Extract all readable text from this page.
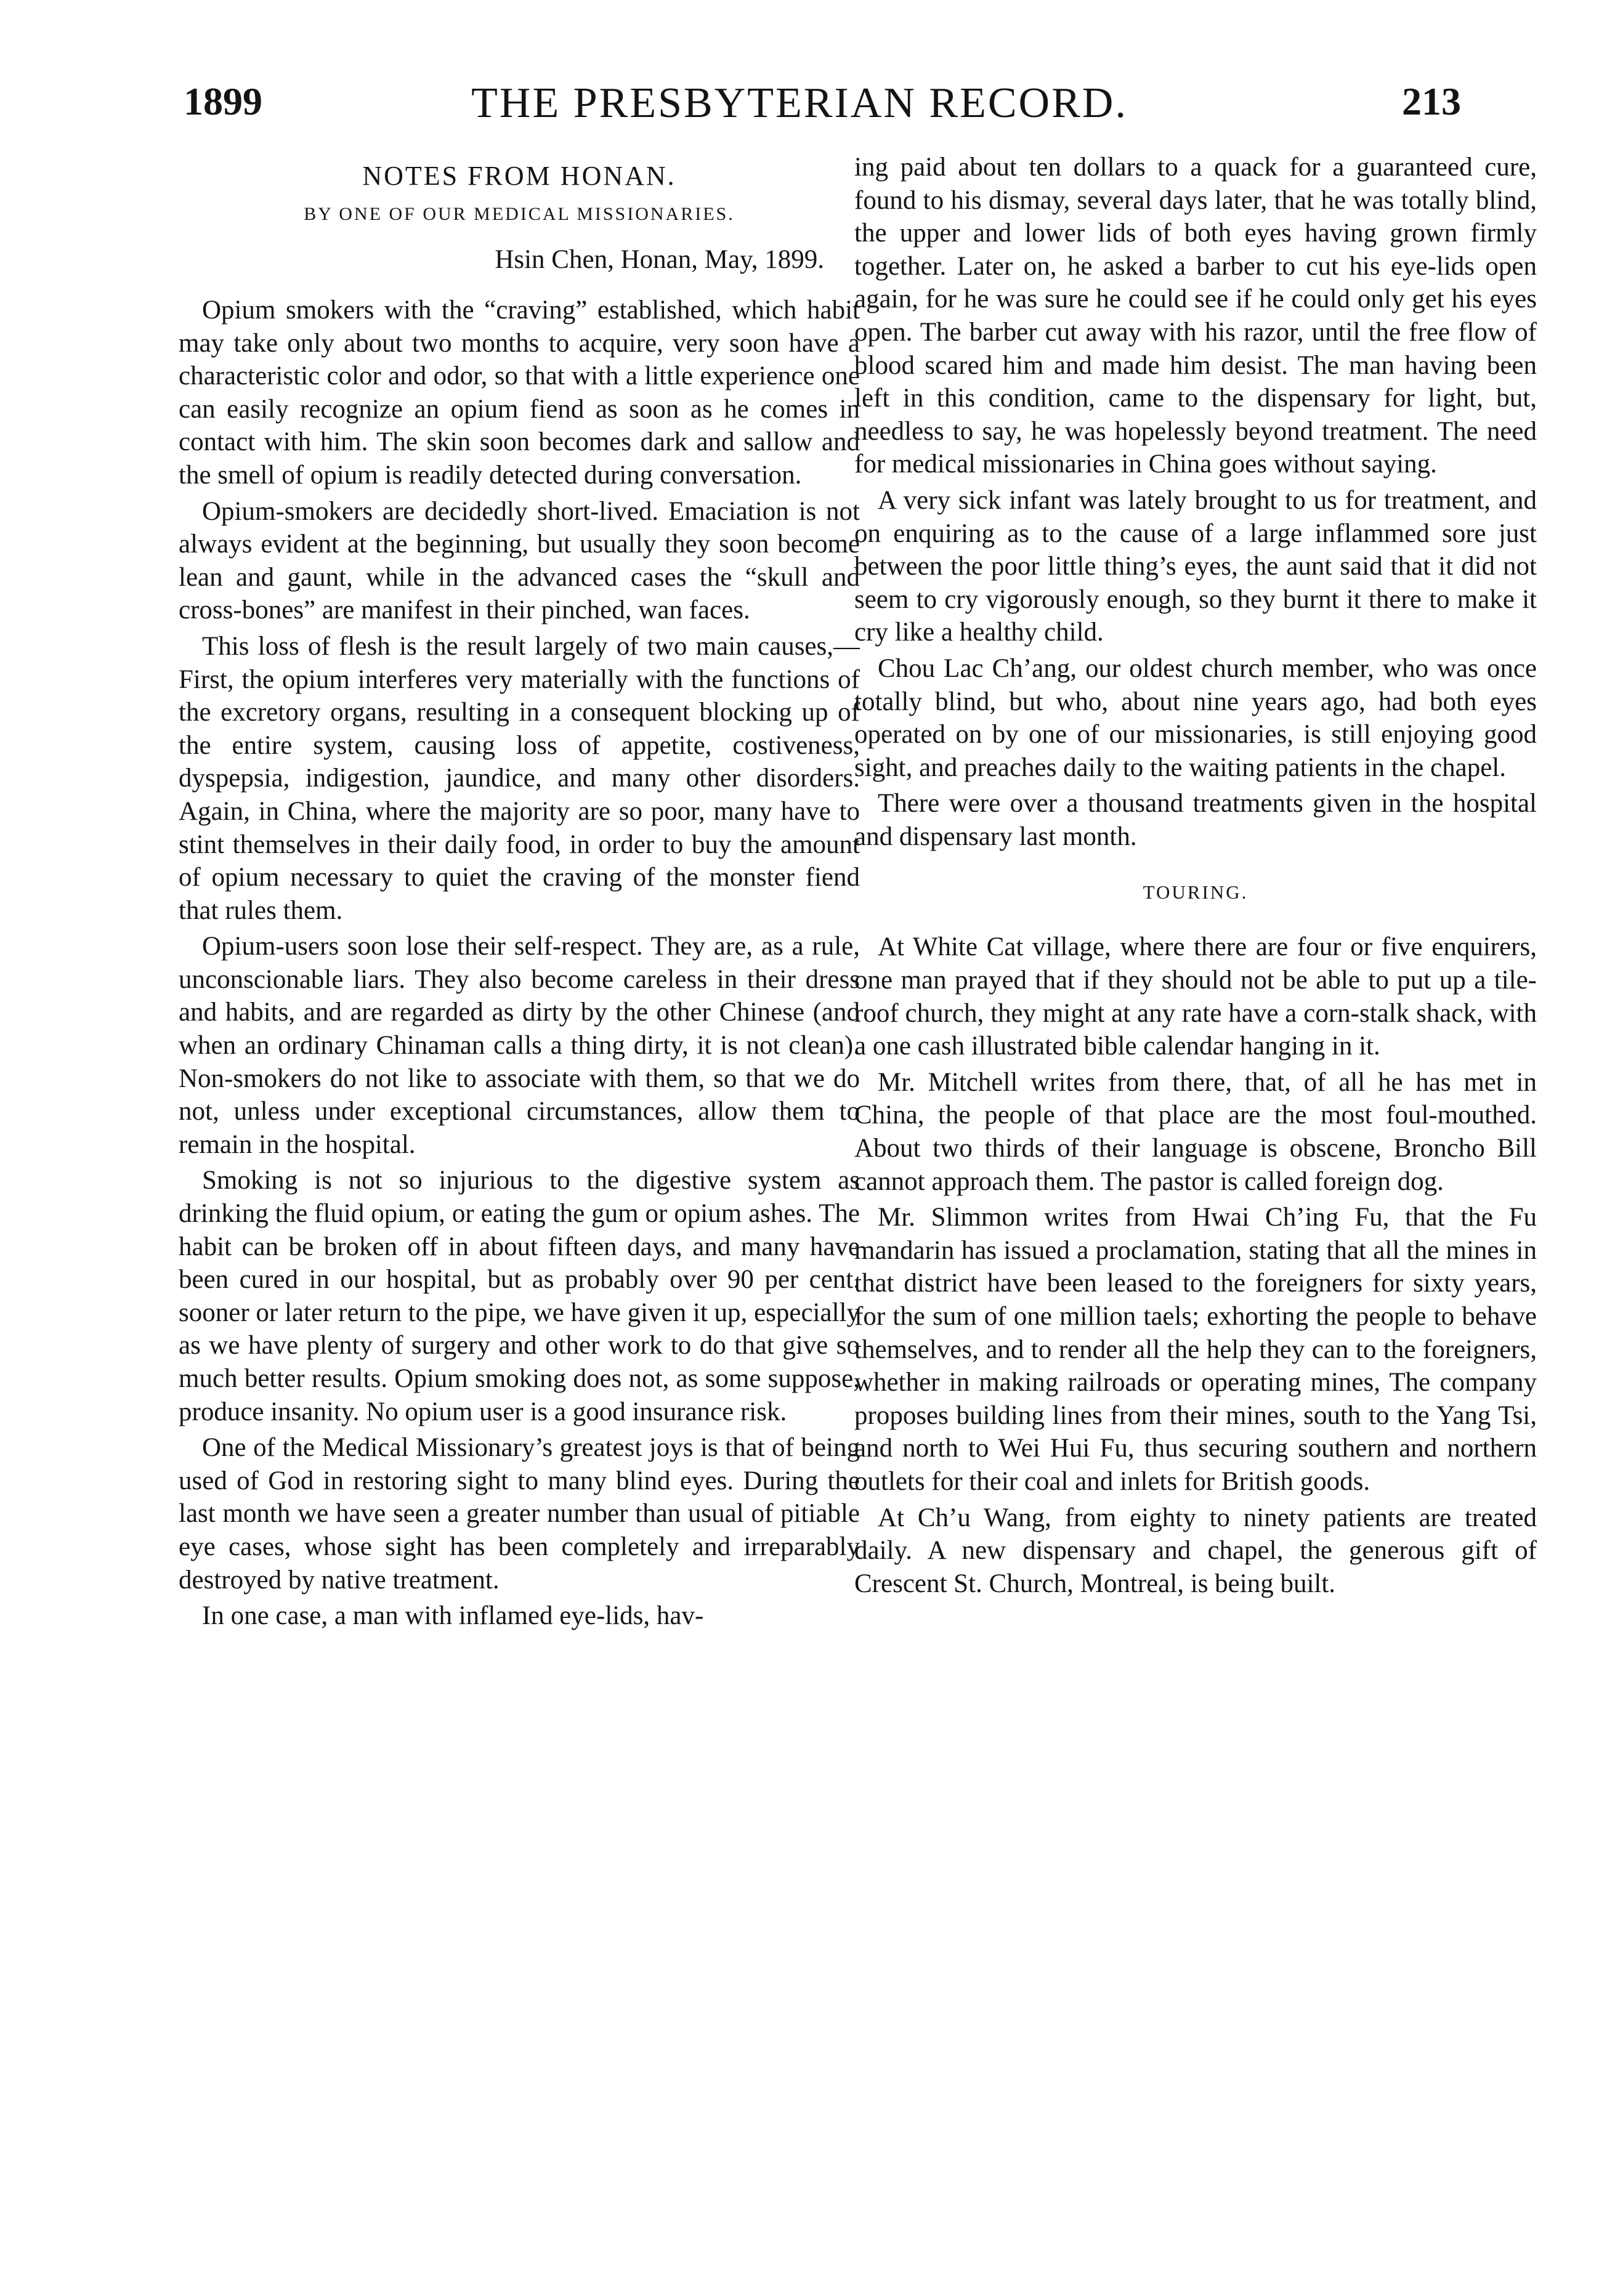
1899	THE PRESBYTERIAN RECORD.	213

NOTES FROM HONAN.

BY ONE OF OUR MEDICAL MISSIONARIES.

Hsin Chen, Honan, May, 1899.

Opium smokers with the “craving” established, which habit may take only about two months to acquire, very soon have a characteristic color and odor, so that with a little experience one can easily recognize an opium fiend as soon as he comes in contact with him. The skin soon becomes dark and sallow and the smell of opium is readily detected during conversation.

Opium-smokers are decidedly short-lived. Emaciation is not always evident at the beginning, but usually they soon become lean and gaunt, while in the advanced cases the “skull and cross-bones” are manifest in their pinched, wan faces.

This loss of flesh is the result largely of two main causes,—First, the opium interferes very materially with the functions of the excretory organs, resulting in a consequent blocking up of the entire system, causing loss of appetite, costiveness, dyspepsia, indigestion, jaundice, and many other disorders. Again, in China, where the majority are so poor, many have to stint themselves in their daily food, in order to buy the amount of opium necessary to quiet the craving of the monster fiend that rules them.

Opium-users soon lose their self-respect. They are, as a rule, unconscionable liars. They also become careless in their dress and habits, and are regarded as dirty by the other Chinese (and when an ordinary Chinaman calls a thing dirty, it is not clean). Non-smokers do not like to associate with them, so that we do not, unless under exceptional circumstances, allow them to remain in the hospital.

Smoking is not so injurious to the digestive system as drinking the fluid opium, or eating the gum or opium ashes. The habit can be broken off in about fifteen days, and many have been cured in our hospital, but as probably over 90 per cent. sooner or later return to the pipe, we have given it up, especially as we have plenty of surgery and other work to do that give so much better results. Opium smoking does not, as some suppose, produce insanity. No opium user is a good insurance risk.

One of the Medical Missionary’s greatest joys is that of being used of God in restoring sight to many blind eyes. During the last month we have seen a greater number than usual of pitiable eye cases, whose sight has been completely and irreparably destroyed by native treatment.

In one case, a man with inflamed eye-lids, hav-

ing paid about ten dollars to a quack for a guaranteed cure, found to his dismay, several days later, that he was totally blind, the upper and lower lids of both eyes having grown firmly together. Later on, he asked a barber to cut his eye-lids open again, for he was sure he could see if he could only get his eyes open. The barber cut away with his razor, until the free flow of blood scared him and made him desist. The man having been left in this condition, came to the dispensary for light, but, needless to say, he was hopelessly beyond treatment. The need for medical missionaries in China goes without saying.

A very sick infant was lately brought to us for treatment, and on enquiring as to the cause of a large inflammed sore just between the poor little thing’s eyes, the aunt said that it did not seem to cry vigorously enough, so they burnt it there to make it cry like a healthy child.

Chou Lac Ch’ang, our oldest church member, who was once totally blind, but who, about nine years ago, had both eyes operated on by one of our missionaries, is still enjoying good sight, and preaches daily to the waiting patients in the chapel.

There were over a thousand treatments given in the hospital and dispensary last month.

TOURING.

At White Cat village, where there are four or five enquirers, one man prayed that if they should not be able to put up a tile-roof church, they might at any rate have a corn-stalk shack, with a one cash illustrated bible calendar hanging in it.

Mr. Mitchell writes from there, that, of all he has met in China, the people of that place are the most foul-mouthed. About two thirds of their language is obscene, Broncho Bill cannot approach them. The pastor is called foreign dog.

Mr. Slimmon writes from Hwai Ch’ing Fu, that the Fu mandarin has issued a proclamation, stating that all the mines in that district have been leased to the foreigners for sixty years, for the sum of one million taels; exhorting the people to behave themselves, and to render all the help they can to the foreigners, whether in making railroads or operating mines, The company proposes building lines from their mines, south to the Yang Tsi, and north to Wei Hui Fu, thus securing southern and northern outlets for their coal and inlets for British goods.

At Ch’u Wang, from eighty to ninety patients are treated daily. A new dispensary and chapel, the generous gift of Crescent St. Church, Montreal, is being built.
